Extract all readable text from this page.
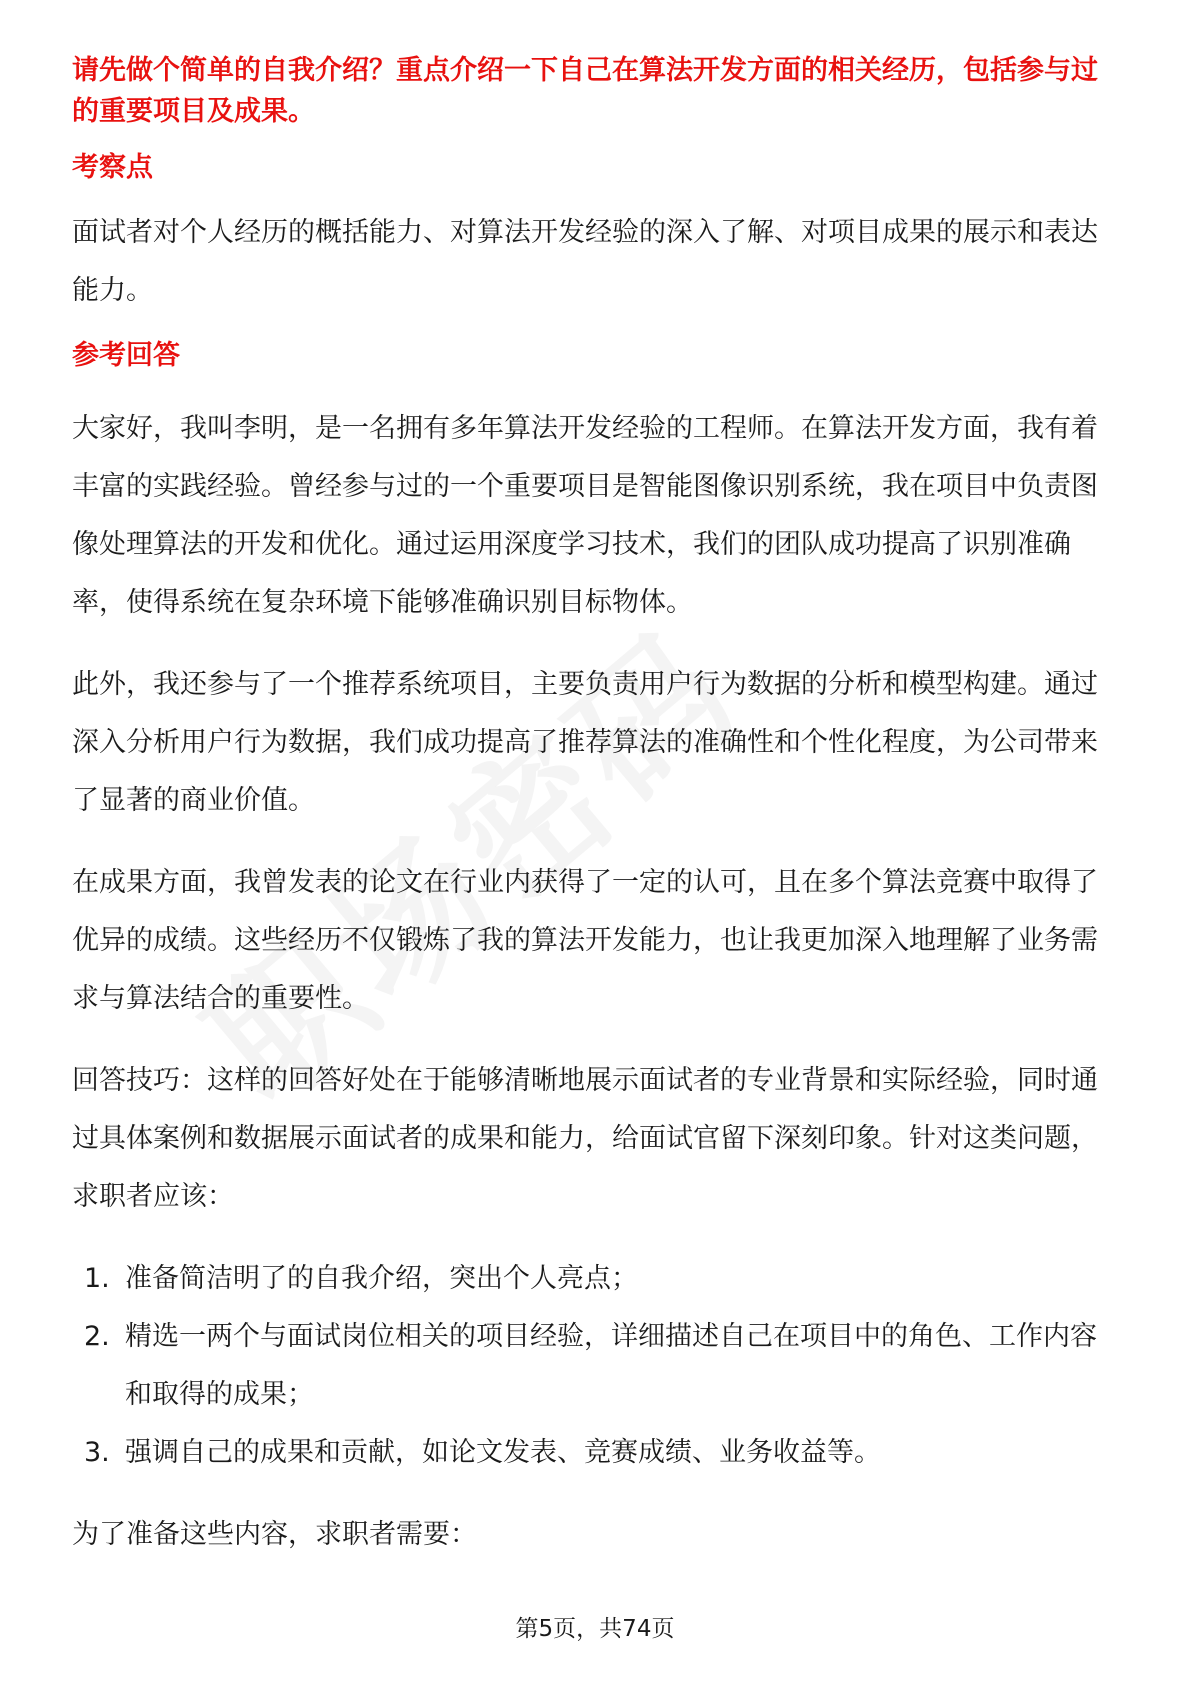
请先做个简单的自我介绍？重点介绍一下自己在算法开发方面的相关经历，包括参与过的重要项目及成果。

考察点

面试者对个人经历的概括能力、对算法开发经验的深入了解、对项目成果的展示和表达能力。

参考回答

大家好，我叫李明，是一名拥有多年算法开发经验的工程师。在算法开发方面，我有着丰富的实践经验。曾经参与过的一个重要项目是智能图像识别系统，我在项目中负责图像处理算法的开发和优化。通过运用深度学习技术，我们的团队成功提高了识别准确率，使得系统在复杂环境下能够准确识别目标物体。

此外，我还参与了一个推荐系统项目，主要负责用户行为数据的分析和模型构建。通过深入分析用户行为数据，我们成功提高了推荐算法的准确性和个性化程度，为公司带来了显著的商业价值。

在成果方面，我曾发表的论文在行业内获得了一定的认可，且在多个算法竞赛中取得了优异的成绩。这些经历不仅锻炼了我的算法开发能力，也让我更加深入地理解了业务需求与算法结合的重要性。

回答技巧：这样的回答好处在于能够清晰地展示面试者的专业背景和实际经验，同时通过具体案例和数据展示面试者的成果和能力，给面试官留下深刻印象。针对这类问题，求职者应该：

1. 准备简洁明了的自我介绍，突出个人亮点；
2. 精选一两个与面试岗位相关的项目经验，详细描述自己在项目中的角色、工作内容和取得的成果；
3. 强调自己的成果和贡献，如论文发表、竞赛成绩、业务收益等。

为了准备这些内容，求职者需要：

第5页，共74页
